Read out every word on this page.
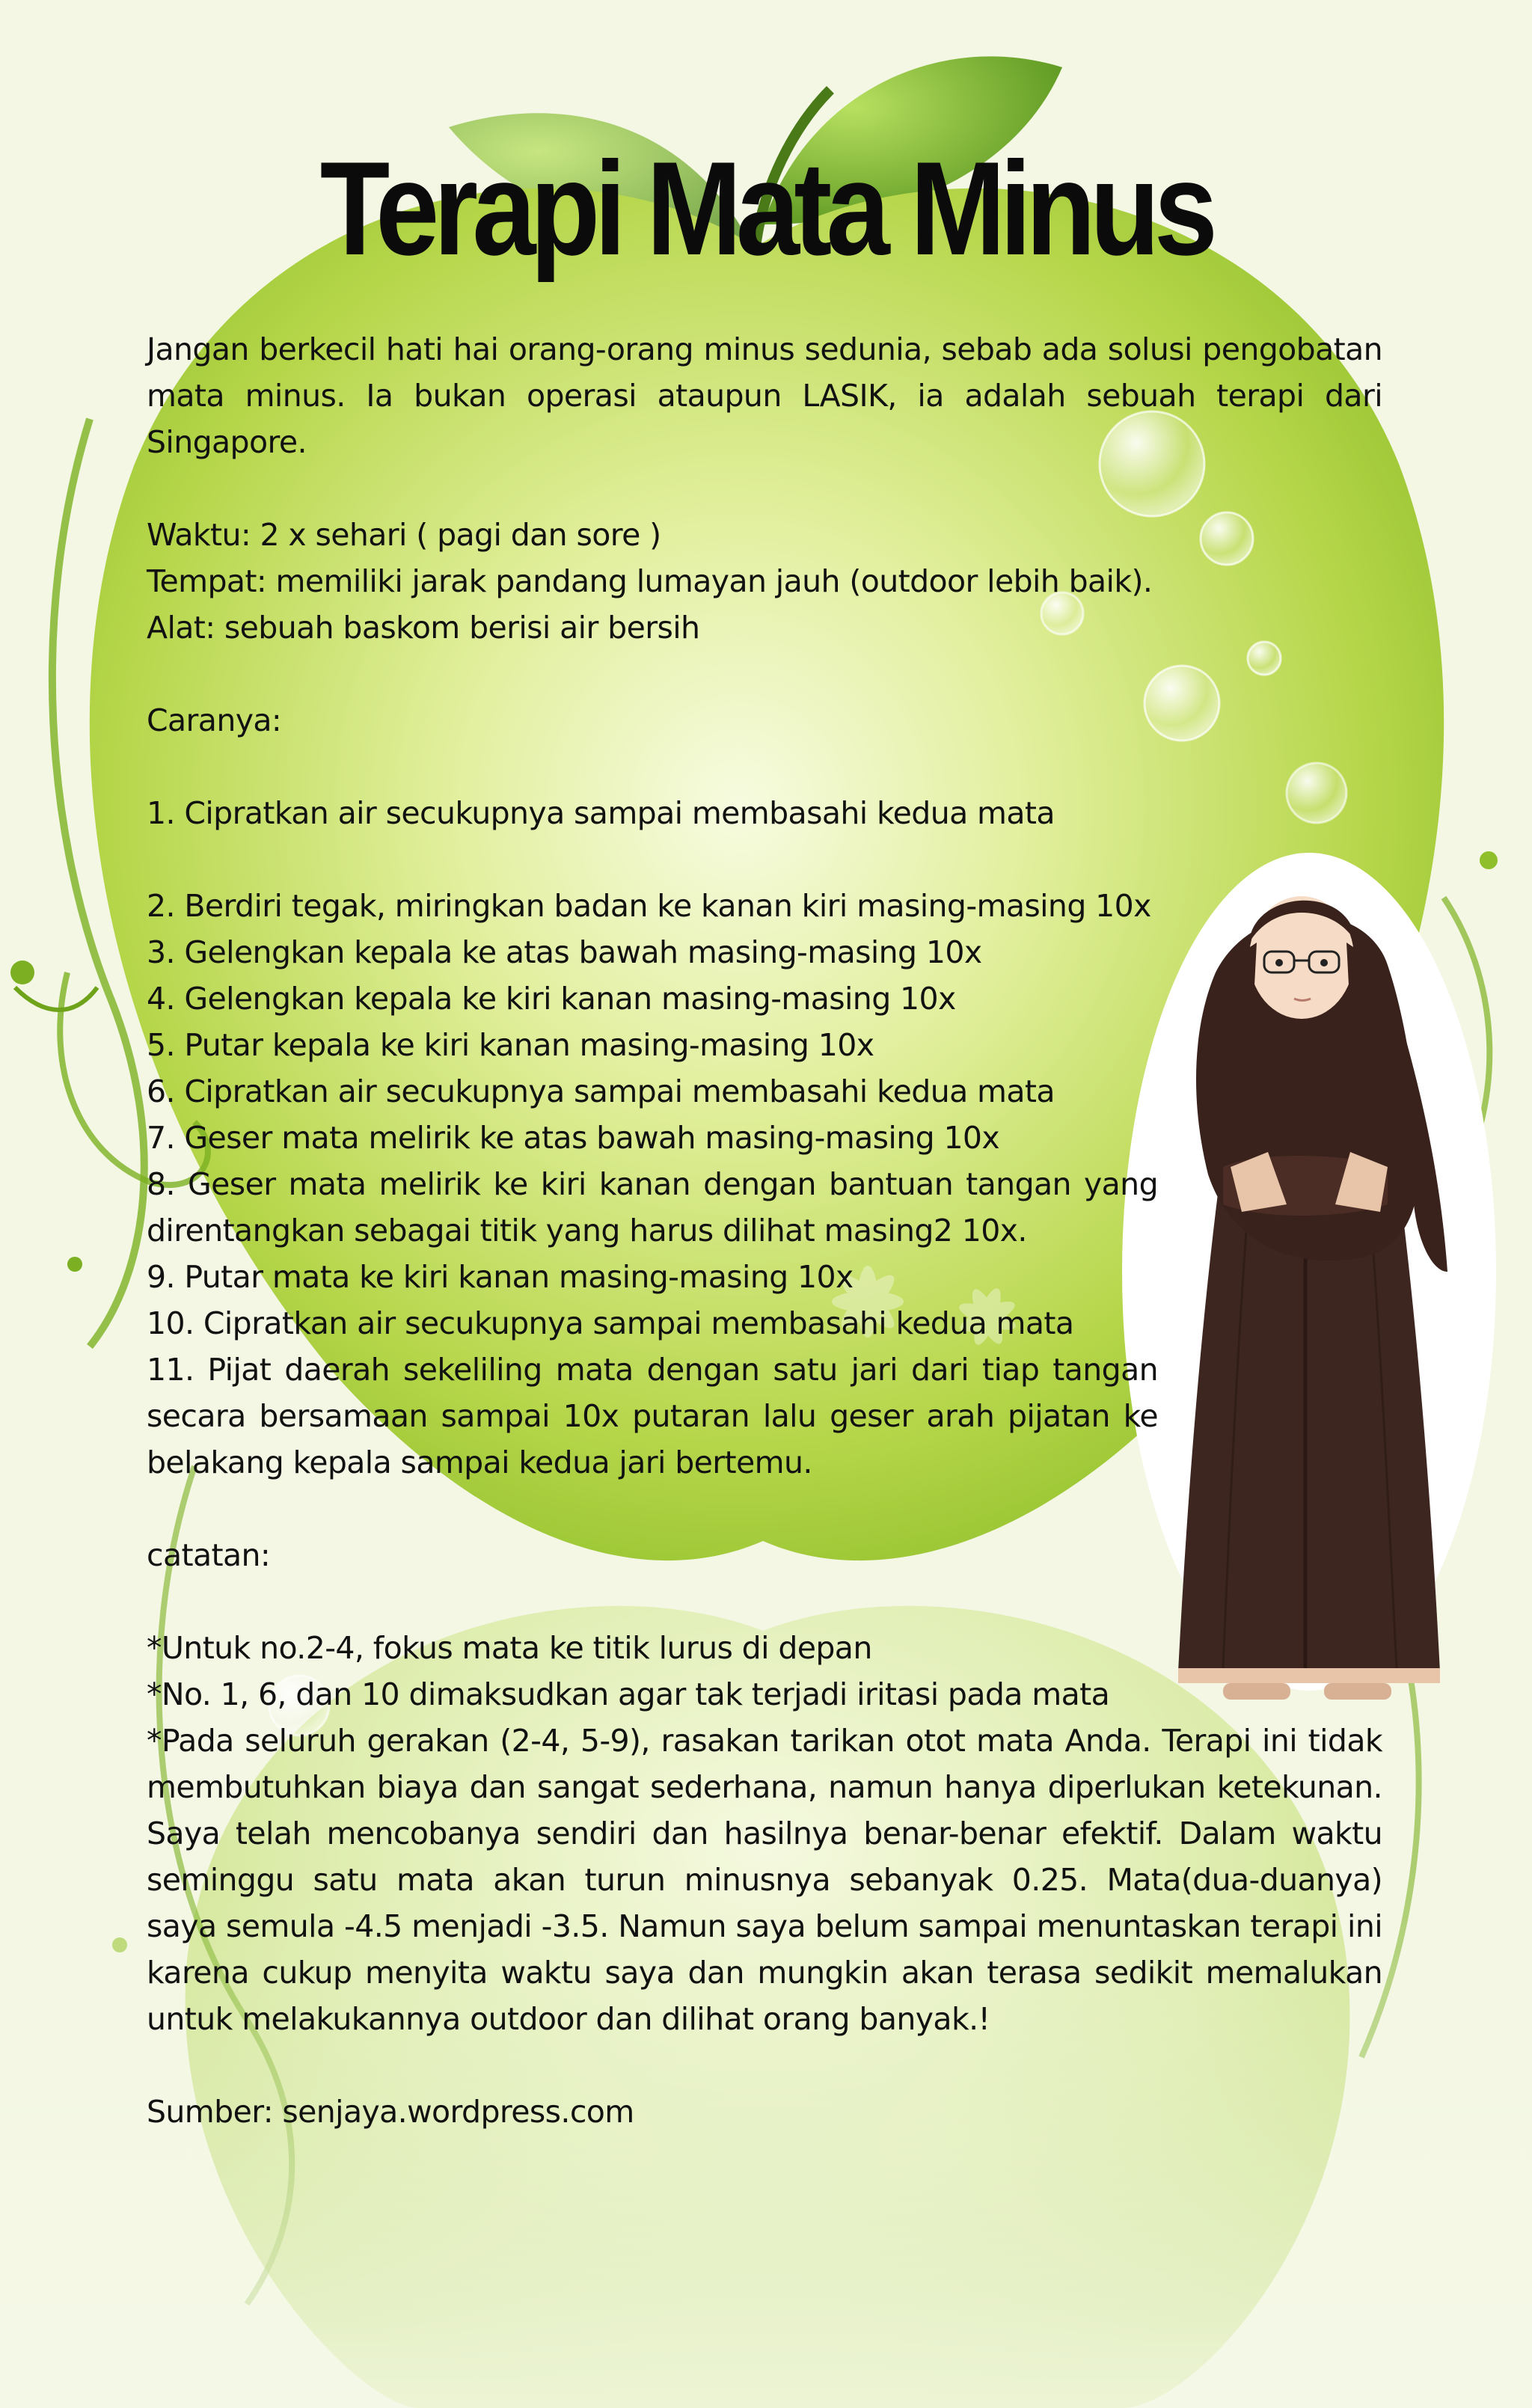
Terapi Mata Minus

Jangan berkecil hati hai orang-orang minus sedunia, sebab ada solusi pengobatan mata minus. Ia bukan operasi ataupun LASIK, ia adalah sebuah terapi dari Singapore.

Waktu: 2 x sehari ( pagi dan sore )

Tempat: memiliki jarak pandang lumayan jauh (outdoor lebih baik).

Alat: sebuah baskom berisi air bersih

Caranya:

1. Cipratkan air secukupnya sampai membasahi kedua mata

2. Berdiri tegak, miringkan badan ke kanan kiri masing-masing 10x

3. Gelengkan kepala ke atas bawah masing-masing 10x

4. Gelengkan kepala ke kiri kanan masing-masing 10x

5. Putar kepala ke kiri kanan masing-masing 10x

6. Cipratkan air secukupnya sampai membasahi kedua mata

7. Geser mata melirik ke atas bawah masing-masing 10x

8. Geser mata melirik ke kiri kanan dengan bantuan tangan yang direntangkan sebagai titik yang harus dilihat masing2 10x.

9. Putar mata ke kiri kanan masing-masing 10x

10. Cipratkan air secukupnya sampai membasahi kedua mata

11. Pijat daerah sekeliling mata dengan satu jari dari tiap tangan secara bersamaan sampai 10x putaran lalu geser arah pijatan ke belakang kepala sampai kedua jari bertemu.

catatan:

*Untuk no.2-4, fokus mata ke titik lurus di depan

*No. 1, 6, dan 10 dimaksudkan agar tak terjadi iritasi pada mata

*Pada seluruh gerakan (2-4, 5-9), rasakan tarikan otot mata Anda. Terapi ini tidak membutuhkan biaya dan sangat sederhana, namun hanya diperlukan ketekunan. Saya telah mencobanya sendiri dan hasilnya benar-benar efektif. Dalam waktu seminggu satu mata akan turun minusnya sebanyak 0.25. Mata(dua-duanya) saya semula -4.5 menjadi -3.5. Namun saya belum sampai menuntaskan terapi ini karena cukup menyita waktu saya dan mungkin akan terasa sedikit memalukan untuk melakukannya outdoor dan dilihat orang banyak.!

Sumber: senjaya.wordpress.com
